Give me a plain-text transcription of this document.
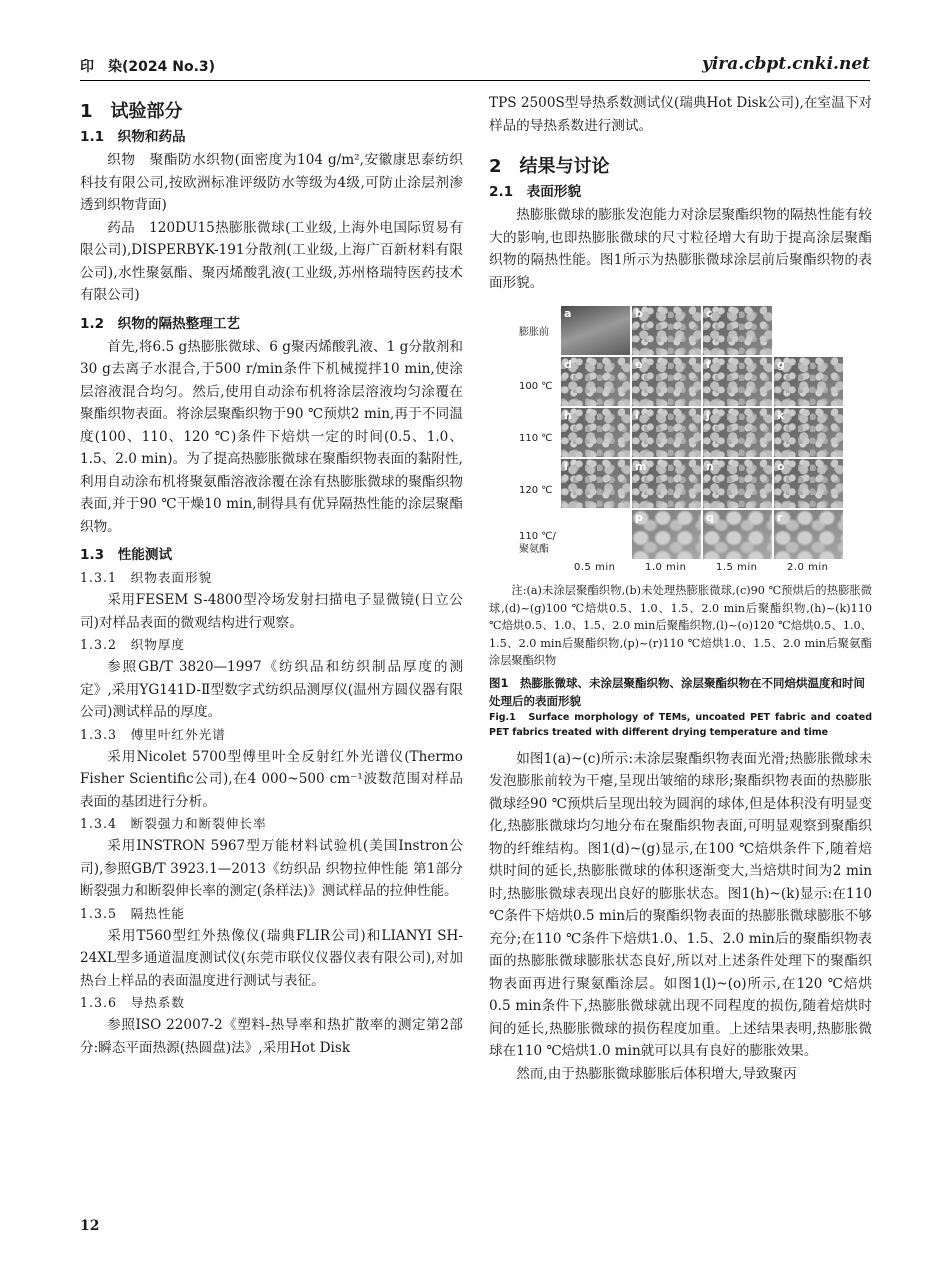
印　染(2024 No.3)	yira.cbpt.cnki.net
1　试验部分
1.1　织物和药品

织物　聚酯防水织物(面密度为104 g/m²,安徽康思泰纺织科技有限公司,按欧洲标准评级防水等级为4级,可防止涂层剂渗透到织物背面)

药品　120DU15热膨胀微球(工业级,上海外电国际贸易有限公司),DISPERBYK-191分散剂(工业级,上海广百新材料有限公司),水性聚氨酯、聚丙烯酸乳液(工业级,苏州格瑞特医药技术有限公司)

1.2　织物的隔热整理工艺

首先,将6.5 g热膨胀微球、6 g聚丙烯酸乳液、1 g分散剂和30 g去离子水混合,于500 r/min条件下机械搅拌10 min,使涂层溶液混合均匀。然后,使用自动涂布机将涂层溶液均匀涂覆在聚酯织物表面。将涂层聚酯织物于90 ℃预烘2 min,再于不同温度(100、110、120 ℃)条件下焙烘一定的时间(0.5、1.0、1.5、2.0 min)。为了提高热膨胀微球在聚酯织物表面的黏附性,利用自动涂布机将聚氨酯溶液涂覆在涂有热膨胀微球的聚酯织物表面,并于90 ℃干燥10 min,制得具有优异隔热性能的涂层聚酯织物。

1.3　性能测试
1.3.1　织物表面形貌

采用FESEM S-4800型冷场发射扫描电子显微镜(日立公司)对样品表面的微观结构进行观察。

1.3.2　织物厚度

参照GB/T 3820—1997《纺织品和纺织制品厚度的测定》,采用YG141D-Ⅱ型数字式纺织品测厚仪(温州方圆仪器有限公司)测试样品的厚度。

1.3.3　傅里叶红外光谱

采用Nicolet 5700型傅里叶全反射红外光谱仪(Thermo Fisher Scientific公司),在4 000~500 cm⁻¹波数范围对样品表面的基团进行分析。

1.3.4　断裂强力和断裂伸长率

采用INSTRON 5967型万能材料试验机(美国Instron公司),参照GB/T 3923.1—2013《纺织品 织物拉伸性能 第1部分 断裂强力和断裂伸长率的测定(条样法)》测试样品的拉伸性能。

1.3.5　隔热性能

采用T560型红外热像仪(瑞典FLIR公司)和LIANYI SH-24XL型多通道温度测试仪(东莞市联仪仪器仪表有限公司),对加热台上样品的表面温度进行测试与表征。

1.3.6　导热系数

参照ISO 22007-2《塑料-热导率和热扩散率的测定第2部分:瞬态平面热源(热圆盘)法》,采用Hot Disk

TPS 2500S型导热系数测试仪(瑞典Hot Disk公司),在室温下对样品的导热系数进行测试。

2　结果与讨论
2.1　表面形貌

热膨胀微球的膨胀发泡能力对涂层聚酯织物的隔热性能有较大的影响,也即热膨胀微球的尺寸粒径增大有助于提高涂层聚酯织物的隔热性能。图1所示为热膨胀微球涂层前后聚酯织物的表面形貌。

膨胀前
100 ℃
110 ℃
120 ℃
110 ℃/
聚氨酯
a	b	c
d	e	f	g
h	i	j	k
l	m	n	o
p	q	r
0.5 min	1.0 min	1.5 min	2.0 min
注:(a)未涂层聚酯织物,(b)未处理热膨胀微球,(c)90 ℃预烘后的热膨胀微球,(d)~(g)100 ℃焙烘0.5、1.0、1.5、2.0 min后聚酯织物,(h)~(k)110 ℃焙烘0.5、1.0、1.5、2.0 min后聚酯织物,(l)~(o)120 ℃焙烘0.5、1.0、1.5、2.0 min后聚酯织物,(p)~(r)110 ℃焙烘1.0、1.5、2.0 min后聚氨酯涂层聚酯织物
图1　热膨胀微球、未涂层聚酯织物、涂层聚酯织物在不同焙烘温度和时间处理后的表面形貌
Fig.1　Surface morphology of TEMs, uncoated PET fabric and coated PET fabrics treated with different drying temperature and time

如图1(a)~(c)所示:未涂层聚酯织物表面光滑;热膨胀微球未发泡膨胀前较为干瘪,呈现出皱缩的球形;聚酯织物表面的热膨胀微球经90 ℃预烘后呈现出较为圆润的球体,但是体积没有明显变化,热膨胀微球均匀地分布在聚酯织物表面,可明显观察到聚酯织物的纤维结构。图1(d)~(g)显示,在100 ℃焙烘条件下,随着焙烘时间的延长,热膨胀微球的体积逐渐变大,当焙烘时间为2 min时,热膨胀微球表现出良好的膨胀状态。图1(h)~(k)显示:在110 ℃条件下焙烘0.5 min后的聚酯织物表面的热膨胀微球膨胀不够充分;在110 ℃条件下焙烘1.0、1.5、2.0 min后的聚酯织物表面的热膨胀微球膨胀状态良好,所以对上述条件处理下的聚酯织物表面再进行聚氨酯涂层。如图1(l)~(o)所示,在120 ℃焙烘0.5 min条件下,热膨胀微球就出现不同程度的损伤,随着焙烘时间的延长,热膨胀微球的损伤程度加重。上述结果表明,热膨胀微球在110 ℃焙烘1.0 min就可以具有良好的膨胀效果。

然而,由于热膨胀微球膨胀后体积增大,导致聚丙

12
